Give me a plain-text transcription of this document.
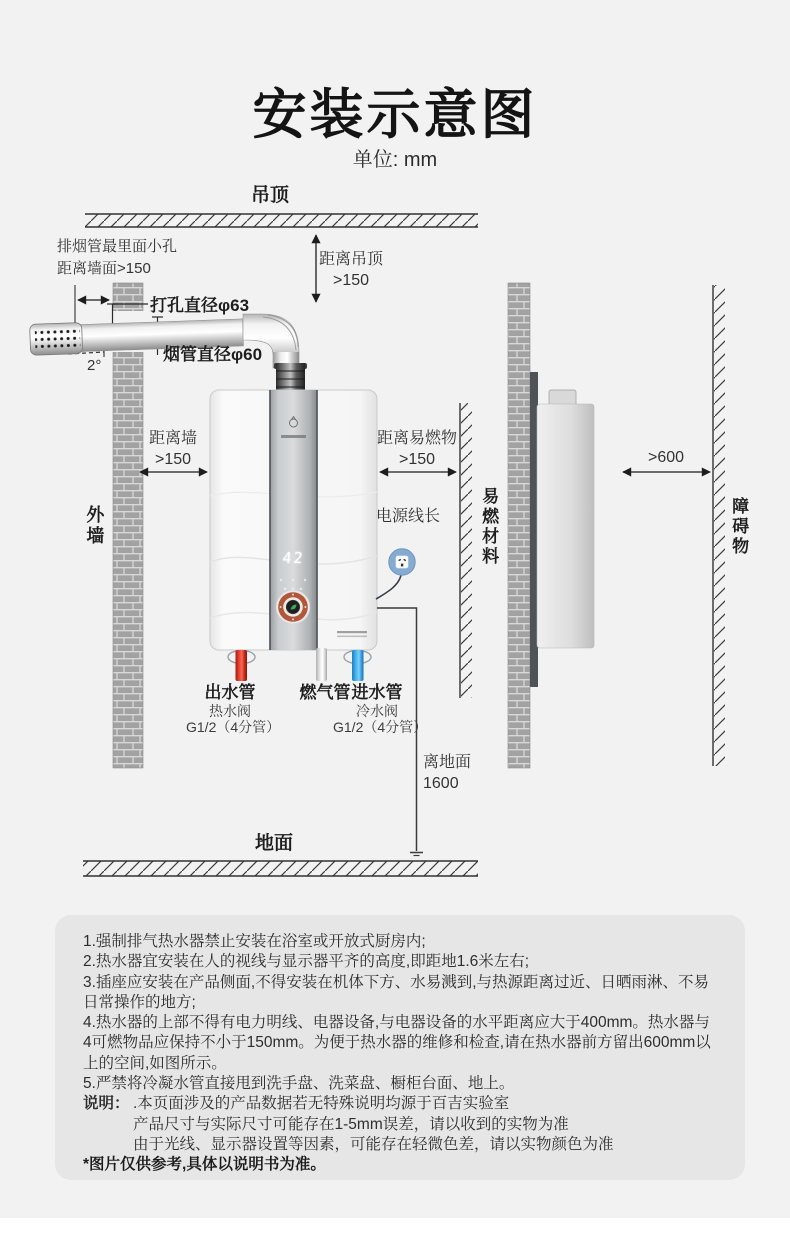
安装示意图
单位: mm
吊顶
排烟管最里面小孔
距离墙面>150
距离吊顶
>150
打孔直径φ63
烟管直径φ60
2°
外墙
距离墙
>150
距离易燃物
>150
电源线长
42
出水管	燃气管 进水管
热水阀
G1/2（4分管）
冷水阀
G1/2（4分管）
离地面
1600
地面
易燃材料	障碍物
>600
1.强制排气热水器禁止安装在浴室或开放式厨房内;
2.热水器宜安装在人的视线与显示器平齐的高度,即距地1.6米左右;
3.插座应安装在产品侧面,不得安装在机体下方、水易溅到,与热源距离过近、日晒雨淋、不易日常操作的地方;
4.热水器的上部不得有电力明线、电器设备,与电器设备的水平距离应大于400mm。热水器与4可燃物品应保持不小于150mm。为便于热水器的维修和检查,请在热水器前方留出600mm以上的空间,如图所示。
5.严禁将冷凝水管直接甩到洗手盘、洗菜盘、橱柜台面、地上。
说明： .本页面涉及的产品数据若无特殊说明均源于百吉实验室
产品尺寸与实际尺寸可能存在1-5mm误差，请以收到的实物为准
由于光线、显示器设置等因素，可能存在轻微色差，请以实物颜色为准
*图片仅供参考,具体以说明书为准。
